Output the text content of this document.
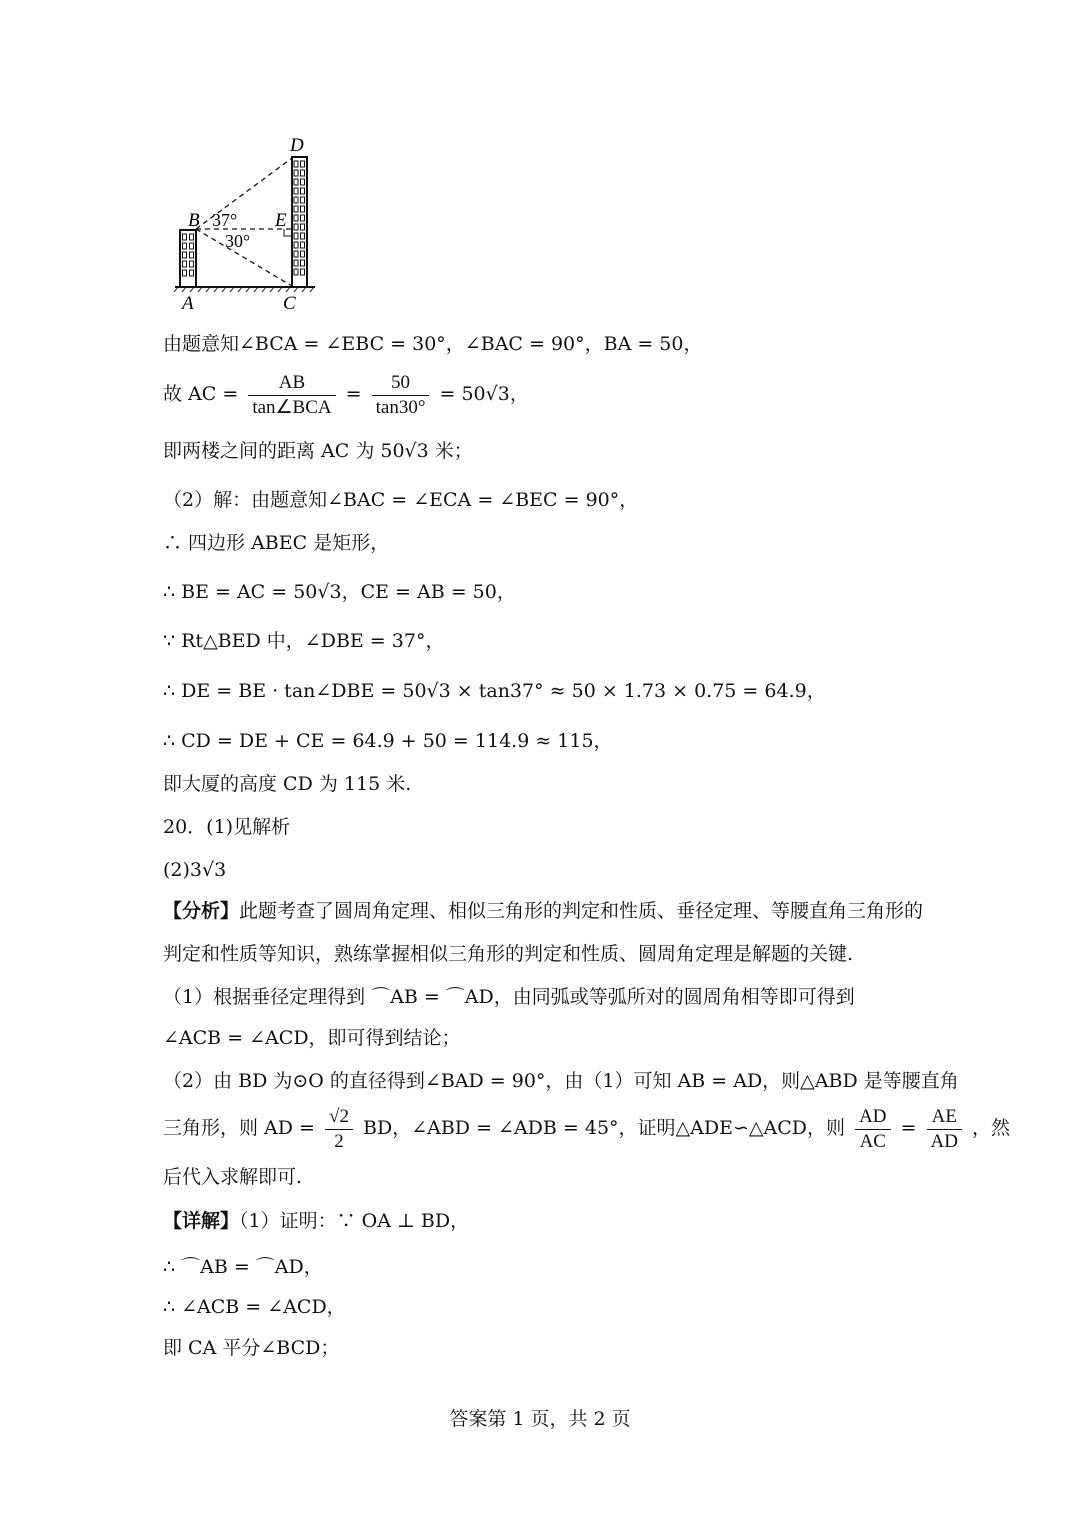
D
B	E
A	C
37°
30°
由题意知∠BCA = ∠EBC = 30°，∠BAC = 90°，BA = 50，
故 AC = $\frac{AB}{\text{tan∠BCA}} = \frac{50}{\tan 30^\circ} = 50√3$，
即两楼之间的距离 AC 为 50√3 米；
（2）解：由题意知∠BAC = ∠ECA = ∠BEC = 90°，
∴ 四边形 ABEC 是矩形，
∴ BE = AC = 50√3，CE = AB = 50，
∵ Rt△BED 中，∠DBE = 37°，
∴ DE = BE · tan∠DBE = 50√3 × tan37° ≈ 50 × 1.73 × 0.75 = 64.9，
∴ CD = DE + CE = 64.9 + 50 = 114.9 ≈ 115，
即大厦的高度 CD 为 115 米.
20．(1)见解析
(2)3√3
【分析】此题考查了圆周角定理、相似三角形的判定和性质、垂径定理、等腰直角三角形的
判定和性质等知识，熟练掌握相似三角形的判定和性质、圆周角定理是解题的关键.
（1）根据垂径定理得到 ⌒AB = ⌒AD，由同弧或等弧所对的圆周角相等即可得到
∠ACB = ∠ACD，即可得到结论；
（2）由 BD 为⊙O 的直径得到∠BAD = 90°，由（1）可知 AB = AD，则△ABD 是等腰直角
三角形，则 AD = $\frac{√2}{2}$ BD，∠ABD = ∠ADB = 45°，证明△ADE∽△ACD，则 $\frac{AD}{AC} = \frac{AE}{AD}$ ，然
后代入求解即可.
【详解】（1）证明：∵ OA ⊥ BD，
∴ ⌒AB = ⌒AD，
∴ ∠ACB = ∠ACD，
即 CA 平分∠BCD；
答案第 1 页，共 2 页
